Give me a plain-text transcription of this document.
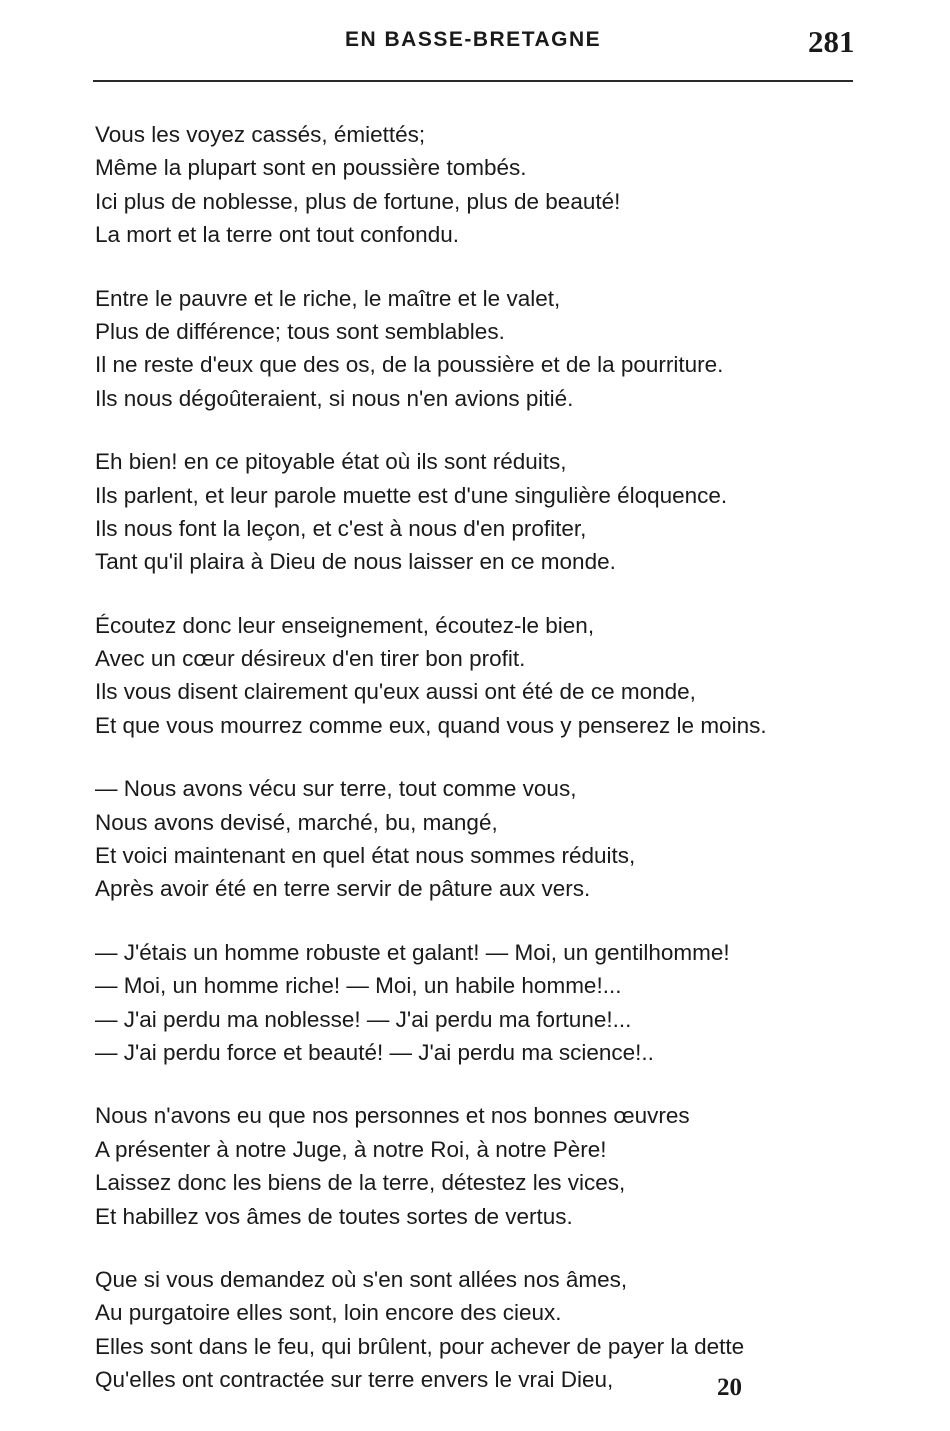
EN BASSE-BRETAGNE	281
Vous les voyez cassés, émiettés;
Même la plupart sont en poussière tombés.
Ici plus de noblesse, plus de fortune, plus de beauté!
La mort et la terre ont tout confondu.
Entre le pauvre et le riche, le maître et le valet,
Plus de différence; tous sont semblables.
Il ne reste d'eux que des os, de la poussière et de la pourriture.
Ils nous dégoûteraient, si nous n'en avions pitié.
Eh bien! en ce pitoyable état où ils sont réduits,
Ils parlent, et leur parole muette est d'une singulière éloquence.
Ils nous font la leçon, et c'est à nous d'en profiter,
Tant qu'il plaira à Dieu de nous laisser en ce monde.
Écoutez donc leur enseignement, écoutez-le bien,
Avec un cœur désireux d'en tirer bon profit.
Ils vous disent clairement qu'eux aussi ont été de ce monde,
Et que vous mourrez comme eux, quand vous y penserez le moins.
— Nous avons vécu sur terre, tout comme vous,
Nous avons devisé, marché, bu, mangé,
Et voici maintenant en quel état nous sommes réduits,
Après avoir été en terre servir de pâture aux vers.
— J'étais un homme robuste et galant! — Moi, un gentilhomme!
— Moi, un homme riche! — Moi, un habile homme!...
— J'ai perdu ma noblesse! — J'ai perdu ma fortune!...
— J'ai perdu force et beauté! — J'ai perdu ma science!..
Nous n'avons eu que nos personnes et nos bonnes œuvres
A présenter à notre Juge, à notre Roi, à notre Père!
Laissez donc les biens de la terre, détestez les vices,
Et habillez vos âmes de toutes sortes de vertus.
Que si vous demandez où s'en sont allées nos âmes,
Au purgatoire elles sont, loin encore des cieux.
Elles sont dans le feu, qui brûlent, pour achever de payer la dette
Qu'elles ont contractée sur terre envers le vrai Dieu,	20
